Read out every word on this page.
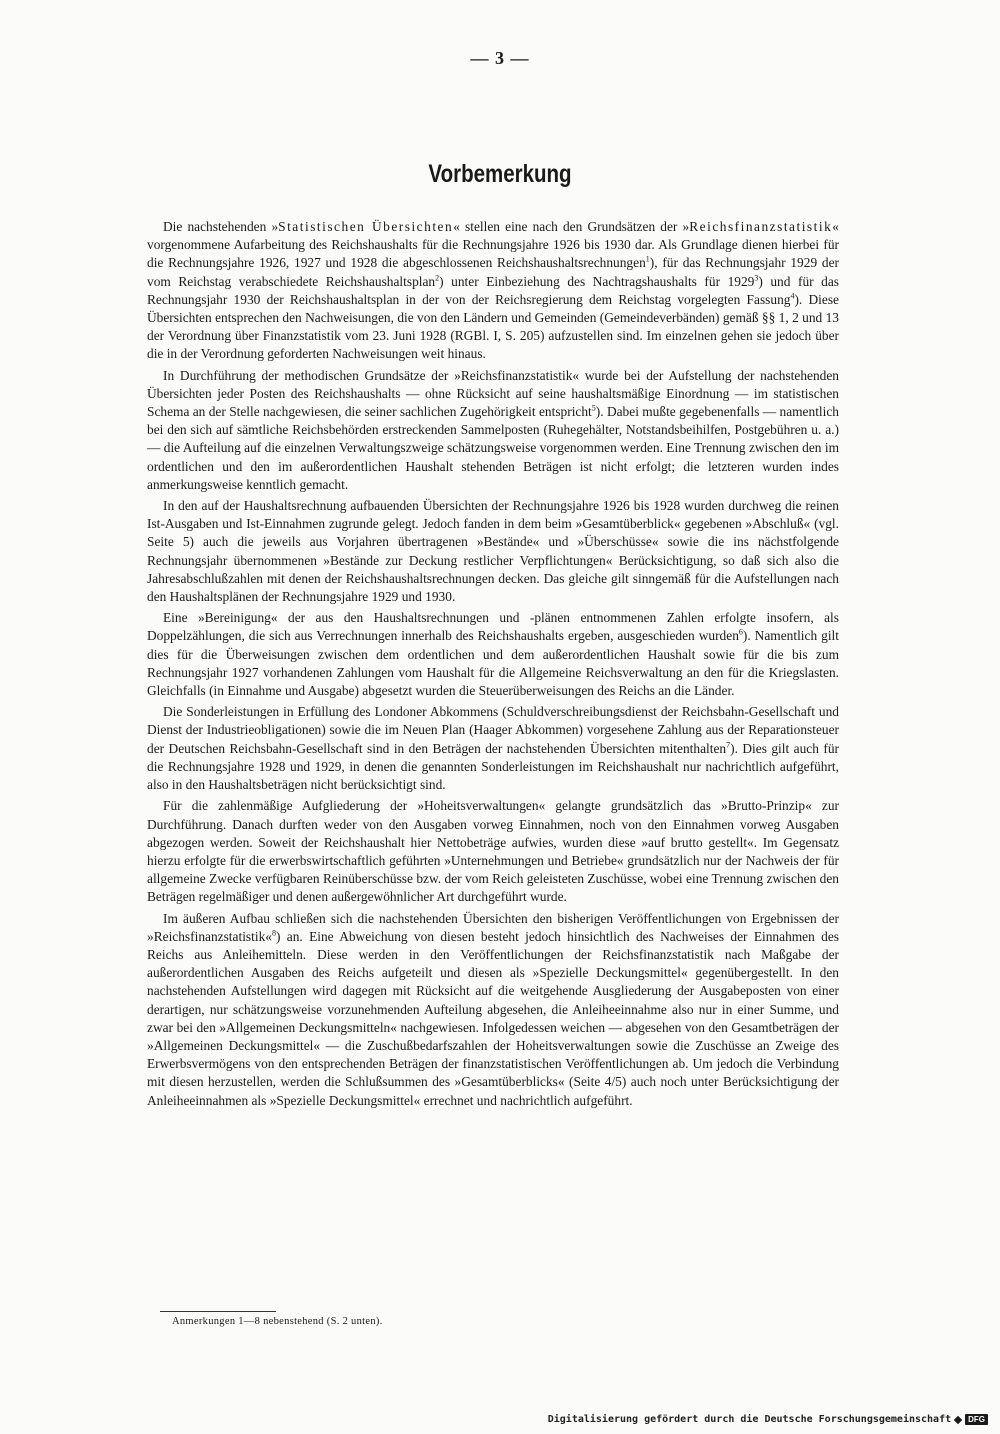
— 3 —
Vorbemerkung

Die nachstehenden »Statistischen Übersichten« stellen eine nach den Grundsätzen der »Reichsfinanzstatistik« vorgenommene Aufarbeitung des Reichshaushalts für die Rechnungsjahre 1926 bis 1930 dar. Als Grundlage dienen hierbei für die Rechnungsjahre 1926, 1927 und 1928 die abgeschlossenen Reichshaushaltsrechnungen$^1$), für das Rechnungsjahr 1929 der vom Reichstag verabschiedete Reichshaushaltsplan$^2$) unter Einbeziehung des Nachtragshaushalts für 1929$^3$) und für das Rechnungsjahr 1930 der Reichshaushaltsplan in der von der Reichsregierung dem Reichstag vorgelegten Fassung$^4$). Diese Übersichten entsprechen den Nachweisungen, die von den Ländern und Gemeinden (Gemeindeverbänden) gemäß §§ 1, 2 und 13 der Verordnung über Finanzstatistik vom 23. Juni 1928 (RGBl. I, S. 205) aufzustellen sind. Im einzelnen gehen sie jedoch über die in der Verordnung geforderten Nachweisungen weit hinaus.

In Durchführung der methodischen Grundsätze der »Reichsfinanzstatistik« wurde bei der Aufstellung der nachstehenden Übersichten jeder Posten des Reichshaushalts — ohne Rücksicht auf seine haushaltsmäßige Einordnung — im statistischen Schema an der Stelle nachgewiesen, die seiner sachlichen Zugehörigkeit entspricht$^5$). Dabei mußte gegebenenfalls — namentlich bei den sich auf sämtliche Reichsbehörden erstreckenden Sammelposten (Ruhegehälter, Notstandsbeihilfen, Postgebühren u. a.) — die Aufteilung auf die einzelnen Verwaltungszweige schätzungsweise vorgenommen werden. Eine Trennung zwischen den im ordentlichen und den im außerordentlichen Haushalt stehenden Beträgen ist nicht erfolgt; die letzteren wurden indes anmerkungsweise kenntlich gemacht.

In den auf der Haushaltsrechnung aufbauenden Übersichten der Rechnungsjahre 1926 bis 1928 wurden durchweg die reinen Ist-Ausgaben und Ist-Einnahmen zugrunde gelegt. Jedoch fanden in dem beim »Gesamtüberblick« gegebenen »Abschluß« (vgl. Seite 5) auch die jeweils aus Vorjahren übertragenen »Bestände« und »Überschüsse« sowie die ins nächstfolgende Rechnungsjahr übernommenen »Bestände zur Deckung restlicher Verpflichtungen« Berücksichtigung, so daß sich also die Jahresabschlußzahlen mit denen der Reichshaushaltsrechnungen decken. Das gleiche gilt sinngemäß für die Aufstellungen nach den Haushaltsplänen der Rechnungsjahre 1929 und 1930.

Eine »Bereinigung« der aus den Haushaltsrechnungen und -plänen entnommenen Zahlen erfolgte insofern, als Doppelzählungen, die sich aus Verrechnungen innerhalb des Reichshaushalts ergeben, ausgeschieden wurden$^6$). Namentlich gilt dies für die Überweisungen zwischen dem ordentlichen und dem außerordentlichen Haushalt sowie für die bis zum Rechnungsjahr 1927 vorhandenen Zahlungen vom Haushalt für die Allgemeine Reichsverwaltung an den für die Kriegslasten. Gleichfalls (in Einnahme und Ausgabe) abgesetzt wurden die Steuerüberweisungen des Reichs an die Länder.

Die Sonderleistungen in Erfüllung des Londoner Abkommens (Schuldverschreibungsdienst der Reichsbahn-Gesellschaft und Dienst der Industrieobligationen) sowie die im Neuen Plan (Haager Abkommen) vorgesehene Zahlung aus der Reparationsteuer der Deutschen Reichsbahn-Gesellschaft sind in den Beträgen der nachstehenden Übersichten mitenthalten$^7$). Dies gilt auch für die Rechnungsjahre 1928 und 1929, in denen die genannten Sonderleistungen im Reichshaushalt nur nachrichtlich aufgeführt, also in den Haushaltsbeträgen nicht berücksichtigt sind.

Für die zahlenmäßige Aufgliederung der »Hoheitsverwaltungen« gelangte grundsätzlich das »Brutto-Prinzip« zur Durchführung. Danach durften weder von den Ausgaben vorweg Einnahmen, noch von den Einnahmen vorweg Ausgaben abgezogen werden. Soweit der Reichshaushalt hier Nettobeträge aufwies, wurden diese »auf brutto gestellt«. Im Gegensatz hierzu erfolgte für die erwerbswirtschaftlich geführten »Unternehmungen und Betriebe« grundsätzlich nur der Nachweis der für allgemeine Zwecke verfügbaren Reinüberschüsse bzw. der vom Reich geleisteten Zuschüsse, wobei eine Trennung zwischen den Beträgen regelmäßiger und denen außergewöhnlicher Art durchgeführt wurde.

Im äußeren Aufbau schließen sich die nachstehenden Übersichten den bisherigen Veröffentlichungen von Ergebnissen der »Reichsfinanzstatistik«$^8$) an. Eine Abweichung von diesen besteht jedoch hinsichtlich des Nachweises der Einnahmen des Reichs aus Anleihemitteln. Diese werden in den Veröffentlichungen der Reichsfinanzstatistik nach Maßgabe der außerordentlichen Ausgaben des Reichs aufgeteilt und diesen als »Spezielle Deckungsmittel« gegenübergestellt. In den nachstehenden Aufstellungen wird dagegen mit Rücksicht auf die weitgehende Ausgliederung der Ausgabeposten von einer derartigen, nur schätzungsweise vorzunehmenden Aufteilung abgesehen, die Anleiheeinnahme also nur in einer Summe, und zwar bei den »Allgemeinen Deckungsmitteln« nachgewiesen. Infolgedessen weichen — abgesehen von den Gesamtbeträgen der »Allgemeinen Deckungsmittel« — die Zuschußbedarfszahlen der Hoheitsverwaltungen sowie die Zuschüsse an Zweige des Erwerbsvermögens von den entsprechenden Beträgen der finanzstatistischen Veröffentlichungen ab. Um jedoch die Verbindung mit diesen herzustellen, werden die Schlußsummen des »Gesamtüberblicks« (Seite 4/5) auch noch unter Berücksichtigung der Anleiheeinnahmen als »Spezielle Deckungsmittel« errechnet und nachrichtlich aufgeführt.

Anmerkungen 1—8 nebenstehend (S. 2 unten).
Digitalisierung gefördert durch die Deutsche Forschungsgemeinschaft	DFG
